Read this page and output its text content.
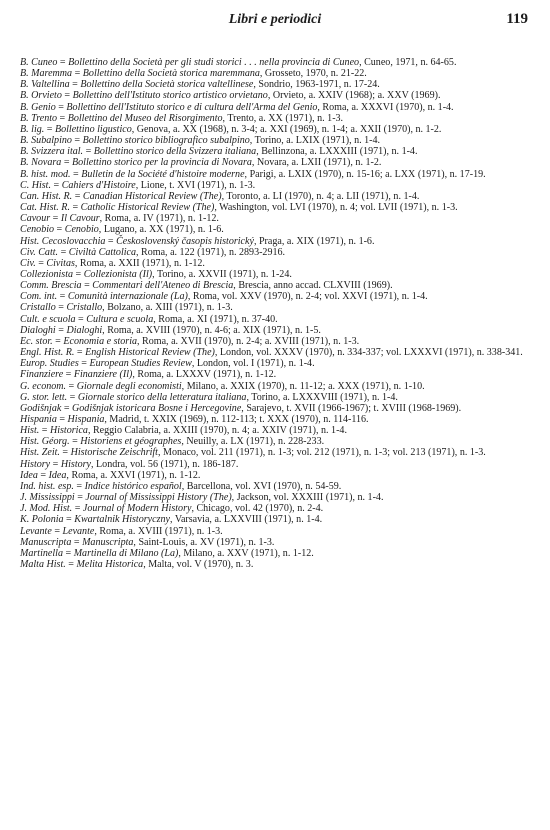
Libri e periodici	119
B. Cuneo = Bollettino della Società per gli studi storici . . . nella provincia di Cuneo, Cuneo, 1971, n. 64-65.
B. Maremma = Bollettino della Società storica maremmana, Grosseto, 1970, n. 21-22.
B. Valtellina = Bollettino della Società storica valtellinese, Sondrio, 1963-1971, n. 17-24.
B. Orvieto = Bollettino dell'Istituto storico artistico orvietano, Orvieto, a. XXIV (1968); a. XXV (1969).
B. Genio = Bollettino dell'Istituto storico e di cultura dell'Arma del Genio, Roma, a. XXXVI (1970), n. 1-4.
B. Trento = Bollettino del Museo del Risorgimento, Trento, a. XX (1971), n. 1-3.
B. lig. = Bollettino ligustico, Genova, a. XX (1968), n. 3-4; a. XXI (1969), n. 1-4; a. XXII (1970), n. 1-2.
B. Subalpino = Bollettino storico bibliografico subalpino, Torino, a. LXIX (1971), n. 1-4.
B. Svizzera ital. = Bollettino storico della Svizzera italiana, Bellinzona, a. LXXXIII (1971), n. 1-4.
B. Novara = Bollettino storico per la provincia di Novara, Novara, a. LXII (1971), n. 1-2.
B. hist. mod. = Bulletin de la Société d'histoire moderne, Parigi, a. LXIX (1970), n. 15-16; a. LXX (1971), n. 17-19.
C. Hist. = Cahiers d'Histoire, Lione, t. XVI (1971), n. 1-3.
Can. Hist. R. = Canadian Historical Review (The), Toronto, a. LI (1970), n. 4; a. LII (1971), n. 1-4.
Cat. Hist. R. = Catholic Historical Review (The), Washington, vol. LVI (1970), n. 4; vol. LVII (1971), n. 1-3.
Cavour = Il Cavour, Roma, a. IV (1971), n. 1-12.
Cenobio = Cenobio, Lugano, a. XX (1971), n. 1-6.
Hist. Cecoslovacchia = Československý časopis historický, Praga, a. XIX (1971), n. 1-6.
Civ. Catt. = Civiltà Cattolica, Roma, a. 122 (1971), n. 2893-2916.
Civ. = Civitas, Roma, a. XXII (1971), n. 1-12.
Collezionista = Collezionista (Il), Torino, a. XXVII (1971), n. 1-24.
Comm. Brescia = Commentari dell'Ateneo di Brescia, Brescia, anno accad. CLXVIII (1969).
Com. int. = Comunità internazionale (La), Roma, vol. XXV (1970), n. 2-4; vol. XXVI (1971), n. 1-4.
Cristallo = Cristallo, Bolzano, a. XIII (1971), n. 1-3.
Cult. e scuola = Cultura e scuola, Roma, a. XI (1971), n. 37-40.
Dialoghi = Dialoghi, Roma, a. XVIII (1970), n. 4-6; a. XIX (1971), n. 1-5.
Ec. stor. = Economia e storia, Roma, a. XVII (1970), n. 2-4; a. XVIII (1971), n. 1-3.
Engl. Hist. R. = English Historical Review (The), London, vol. XXXV (1970), n. 334-337; vol. LXXXVI (1971), n. 338-341.
Europ. Studies = European Studies Review, London, vol. I (1971), n. 1-4.
Finanziere = Finanziere (Il), Roma, a. LXXXV (1971), n. 1-12.
G. econom. = Giornale degli economisti, Milano, a. XXIX (1970), n. 11-12; a. XXX (1971), n. 1-10.
G. stor. lett. = Giornale storico della letteratura italiana, Torino, a. LXXXVIII (1971), n. 1-4.
Godišnjak = Godišnjak istoricara Bosne i Hercegovine, Sarajevo, t. XVII (1966-1967); t. XVIII (1968-1969).
Hispania = Hispania, Madrid, t. XXIX (1969), n. 112-113; t. XXX (1970), n. 114-116.
Hist. = Historica, Reggio Calabria, a. XXIII (1970), n. 4; a. XXIV (1971), n. 1-4.
Hist. Géorg. = Historiens et géographes, Neuilly, a. LX (1971), n. 228-233.
Hist. Zeit. = Historische Zeischrift, Monaco, vol. 211 (1971), n. 1-3; vol. 212 (1971), n. 1-3; vol. 213 (1971), n. 1-3.
History = History, Londra, vol. 56 (1971), n. 186-187.
Idea = Idea, Roma, a. XXVI (1971), n. 1-12.
Ind. hist. esp. = Indice histórico español, Barcellona, vol. XVI (1970), n. 54-59.
J. Mississippi = Journal of Mississippi History (The), Jackson, vol. XXXIII (1971), n. 1-4.
J. Mod. Hist. = Journal of Modern History, Chicago, vol. 42 (1970), n. 2-4.
K. Polonia = Kwartalnik Historyczny, Varsavia, a. LXXVIII (1971), n. 1-4.
Levante = Levante, Roma, a. XVIII (1971), n. 1-3.
Manuscripta = Manuscripta, Saint-Louis, a. XV (1971), n. 1-3.
Martinella = Martinella di Milano (La), Milano, a. XXV (1971), n. 1-12.
Malta Hist. = Melita Historica, Malta, vol. V (1970), n. 3.
